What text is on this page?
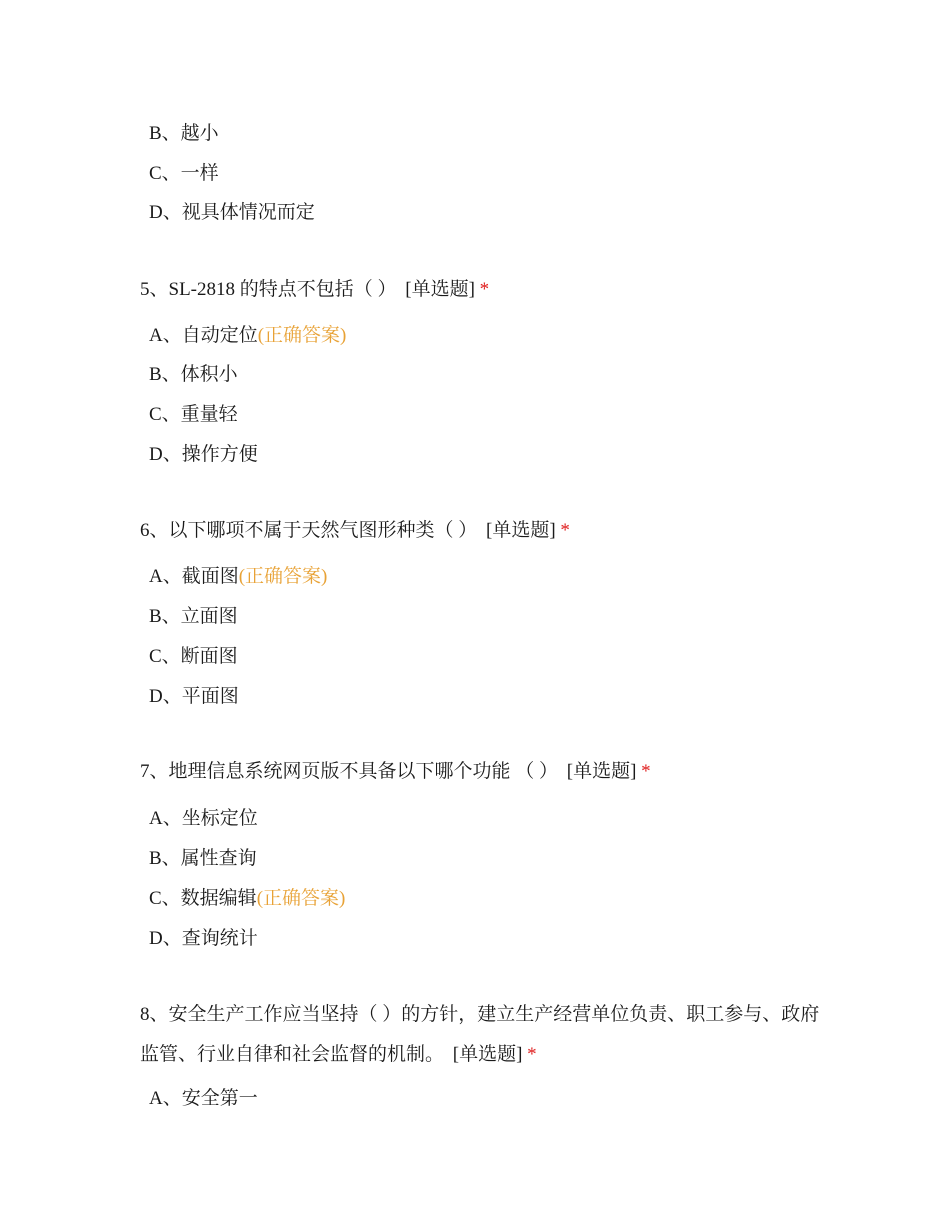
B、越小
C、一样
D、视具体情况而定
5、SL-2818 的特点不包括（ ） [单选题] *
A、自动定位(正确答案)
B、体积小
C、重量轻
D、操作方便
6、以下哪项不属于天然气图形种类（ ） [单选题] *
A、截面图(正确答案)
B、立面图
C、断面图
D、平面图
7、地理信息系统网页版不具备以下哪个功能 （ ） [单选题] *
A、坐标定位
B、属性查询
C、数据编辑(正确答案)
D、查询统计
8、安全生产工作应当坚持（ ）的方针，建立生产经营单位负责、职工参与、政府监管、行业自律和社会监督的机制。 [单选题] *
A、安全第一
